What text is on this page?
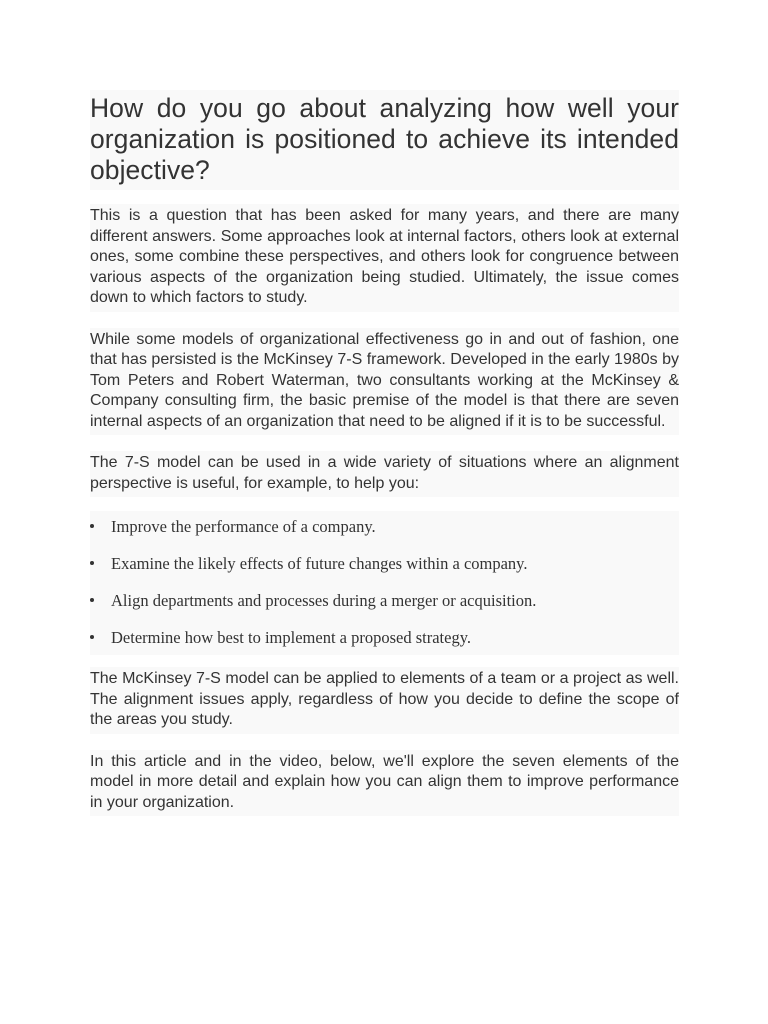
How do you go about analyzing how well your organization is positioned to achieve its intended objective?

This is a question that has been asked for many years, and there are many different answers. Some approaches look at internal factors, others look at external ones, some combine these perspectives, and others look for congruence between various aspects of the organization being studied. Ultimately, the issue comes down to which factors to study.

While some models of organizational effectiveness go in and out of fashion, one that has persisted is the McKinsey 7-S framework. Developed in the early 1980s by Tom Peters and Robert Waterman, two consultants working at the McKinsey & Company consulting firm, the basic premise of the model is that there are seven internal aspects of an organization that need to be aligned if it is to be successful.

The 7-S model can be used in a wide variety of situations where an alignment perspective is useful, for example, to help you:

Improve the performance of a company.
Examine the likely effects of future changes within a company.
Align departments and processes during a merger or acquisition.
Determine how best to implement a proposed strategy.

The McKinsey 7-S model can be applied to elements of a team or a project as well. The alignment issues apply, regardless of how you decide to define the scope of the areas you study.

In this article and in the video, below, we'll explore the seven elements of the model in more detail and explain how you can align them to improve performance in your organization.
